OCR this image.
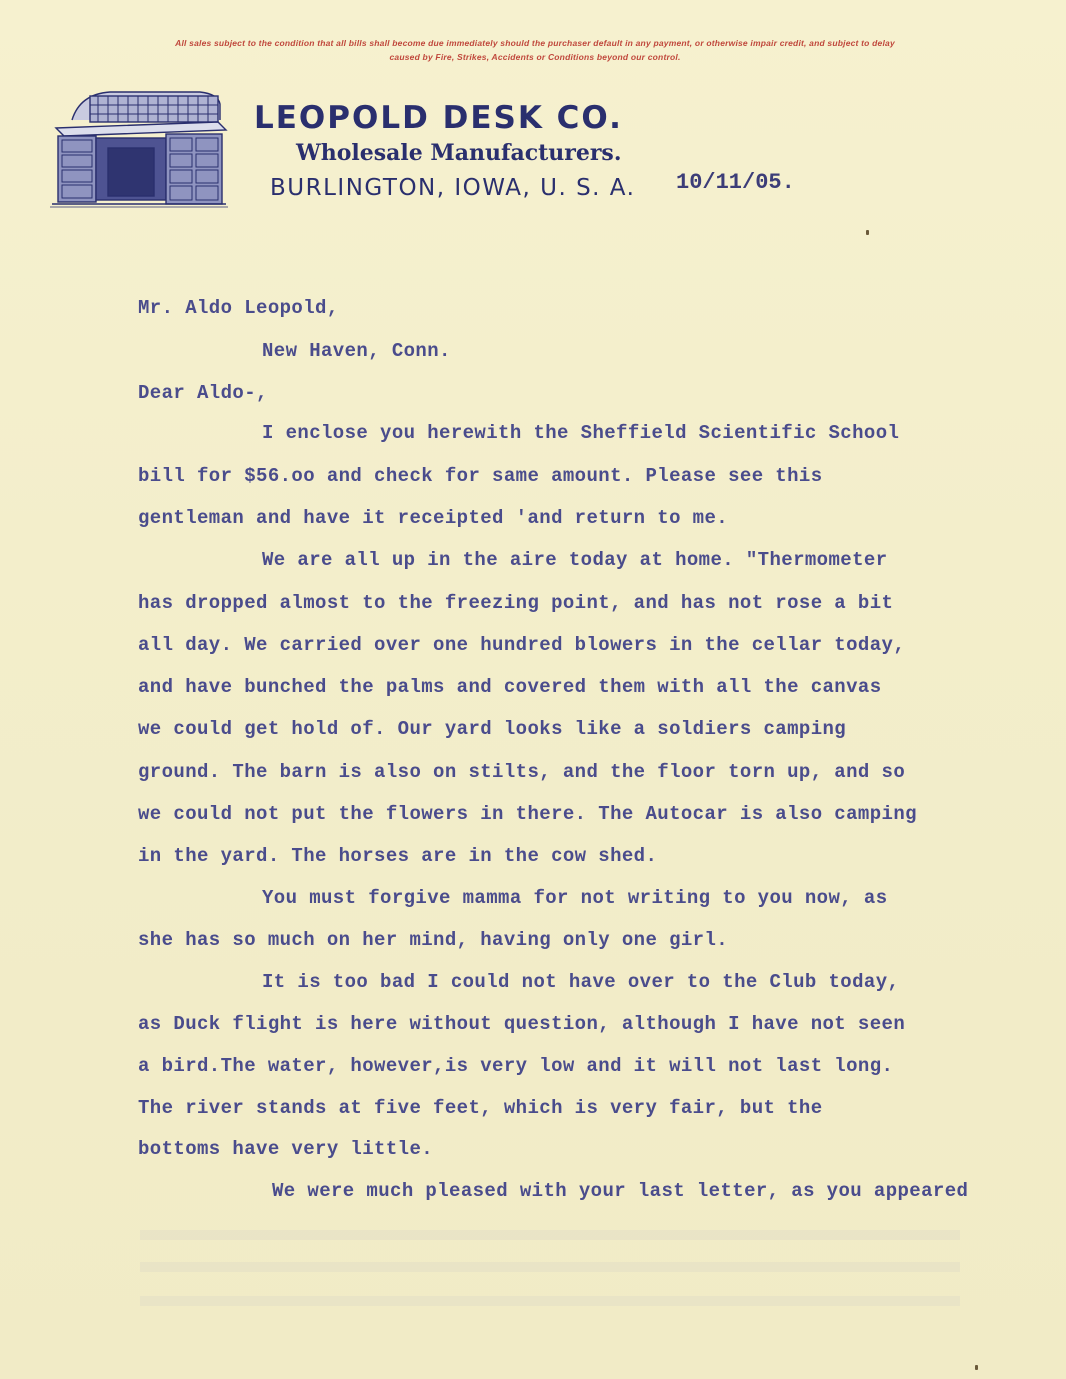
All sales subject to the condition that all bills shall become due immediately should the purchaser default in any payment, or otherwise impair credit, and subject to delay
caused by Fire, Strikes, Accidents or Conditions beyond our control.
LEOPOLD DESK CO.
Wholesale Manufacturers.
BURLINGTON, IOWA, U. S. A. 10/11/05.
Mr. Aldo Leopold,
New Haven, Conn.
Dear Aldo-,
I enclose you herewith the Sheffield Scientific School
bill for $56.oo and check for same amount. Please see this
gentleman and have it receipted 'and return to me.
We are all up in the aire today at home. "Thermometer
has dropped almost to the freezing point, and has not rose a bit
all day. We carried over one hundred blowers in the cellar today,
and have bunched the palms and covered them with all the canvas
we could get hold of. Our yard looks like a soldiers camping
ground. The barn is also on stilts, and the floor torn up, and so
we could not put the flowers in there. The Autocar is also camping
in the yard. The horses are in the cow shed.
You must forgive mamma for not writing to you now, as
she has so much on her mind, having only one girl.
It is too bad I could not have over to the Club today,
as Duck flight is here without question, although I have not seen
a bird.The water, however,is very low and it will not last long.
The river stands at five feet, which is very fair, but the
bottoms have very little.
We were much pleased with your last letter, as you appeared
